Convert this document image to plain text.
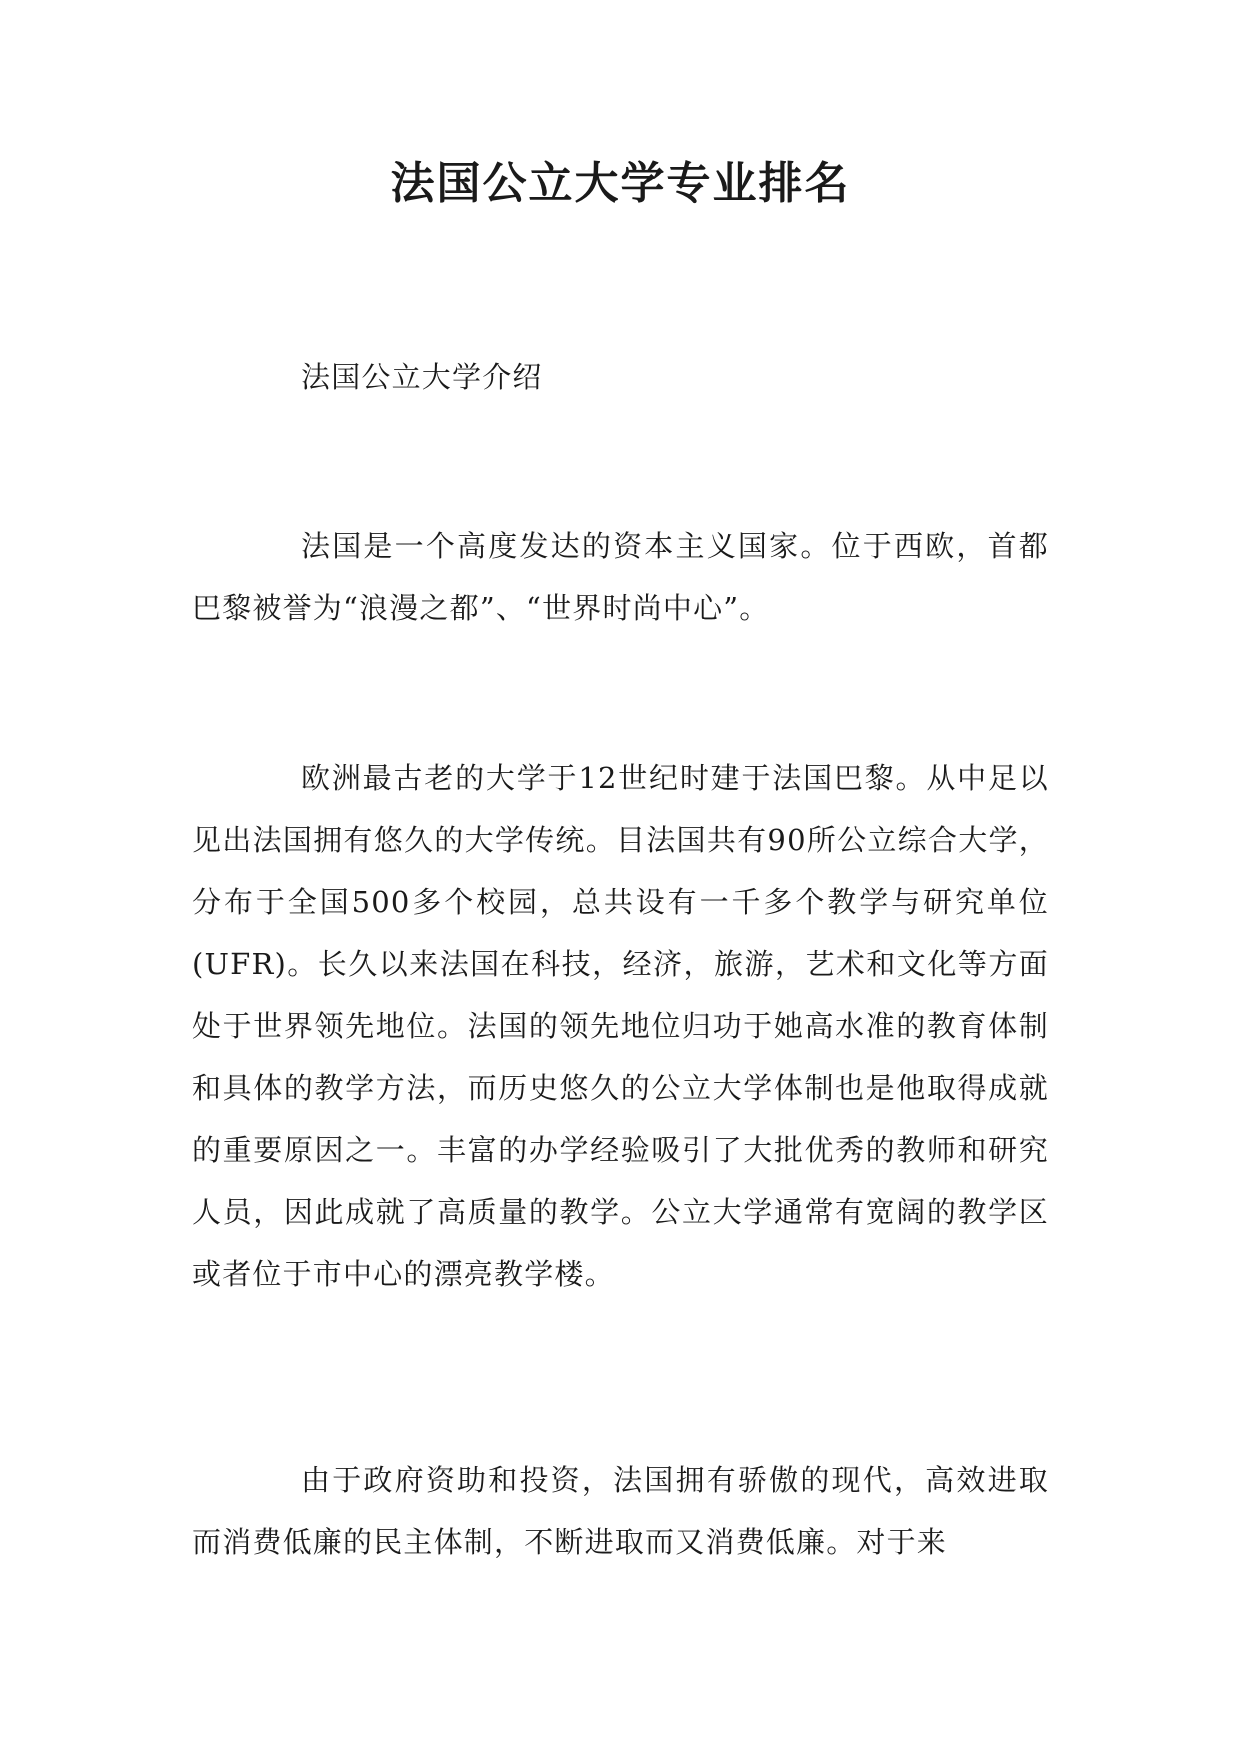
法国公立大学专业排名

法国公立大学介绍

法国是一个高度发达的资本主义国家。位于西欧，首都巴黎被誉为“浪漫之都”、“世界时尚中心”。

欧洲最古老的大学于12世纪时建于法国巴黎。从中足以见出法国拥有悠久的大学传统。目法国共有90所公立综合大学，分布于全国500多个校园，总共设有一千多个教学与研究单位(UFR)。长久以来法国在科技，经济，旅游，艺术和文化等方面处于世界领先地位。法国的领先地位归功于她高水准的教育体制和具体的教学方法，而历史悠久的公立大学体制也是他取得成就的重要原因之一。丰富的办学经验吸引了大批优秀的教师和研究人员，因此成就了高质量的教学。公立大学通常有宽阔的教学区或者位于市中心的漂亮教学楼。

由于政府资助和投资，法国拥有骄傲的现代，高效进取而消费低廉的民主体制，不断进取而又消费低廉。对于来
